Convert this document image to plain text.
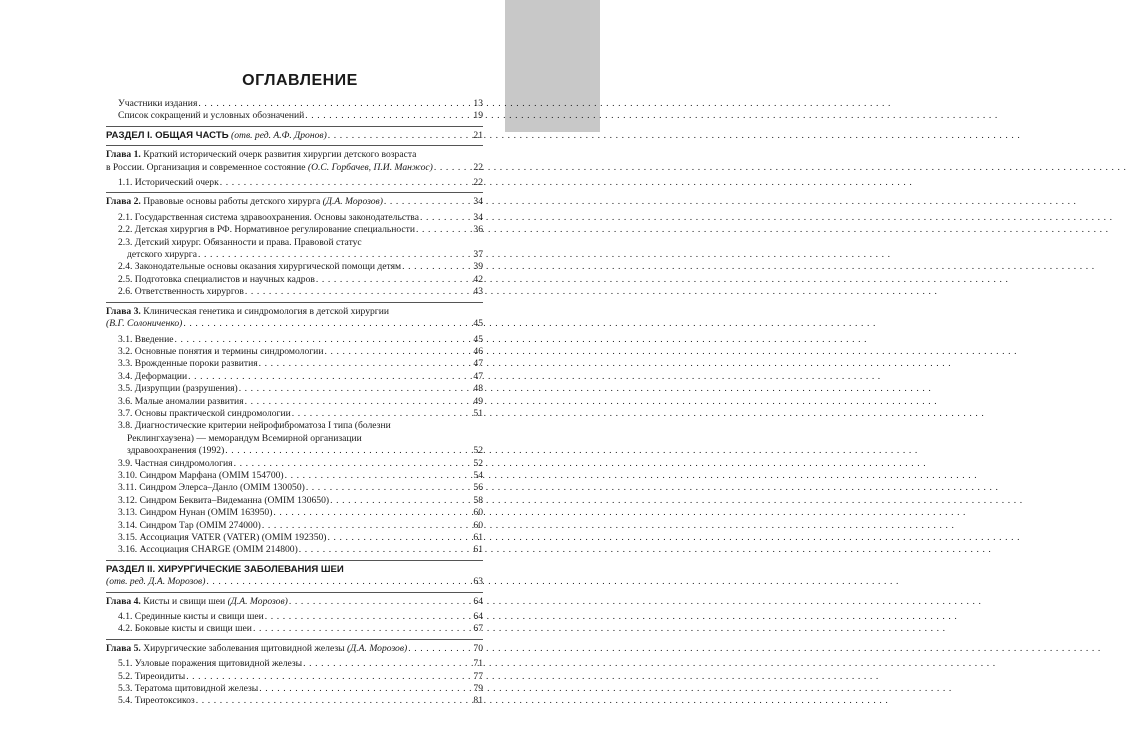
ОГЛАВЛЕНИЕ
Участники издания . . .	13
Список сокращений и условных обозначений . . .	19
РАЗДЕЛ I. ОБЩАЯ ЧАСТЬ (отв. ред. А.Ф. Дронов) . . .	21
Глава 1. Краткий исторический очерк развития хирургии детского возраста
в России. Организация и современное состояние (О.С. Горбачев, П.И. Манжос) . . .	22
1.1. Исторический очерк . . .	22
Глава 2. Правовые основы работы детского хирурга (Д.А. Морозов) . . .	34
2.1. Государственная система здравоохранения. Основы законодательства . . .	34
2.2. Детская хирургия в РФ. Нормативное регулирование специальности . . .	36
2.3. Детский хирург. Обязанности и права. Правовой статус
детского хирурга . . .	37
2.4. Законодательные основы оказания хирургической помощи детям . . .	39
2.5. Подготовка специалистов и научных кадров . . .	42
2.6. Ответственность хирургов . . .	43
Глава 3. Клиническая генетика и синдромология в детской хирургии
(В.Г. Солониченко) . . .	45
3.1. Введение . . .	45
3.2. Основные понятия и термины синдромологии . . .	46
3.3. Врожденные пороки развития . . .	47
3.4. Деформации . . .	47
3.5. Дизрупции (разрушения) . . .	48
3.6. Малые аномалии развития . . .	49
3.7. Основы практической синдромологии . . .	51
3.8. Диагностические критерии нейрофиброматоза I типа (болезни
Реклингхаузена) — меморандум Всемирной организации
здравоохранения (1992) . . .	52
3.9. Частная синдромология . . .	52
3.10. Синдром Марфана (OMIM 154700) . . .	54
3.11. Синдром Элерса–Данло (OMIM 130050) . . .	56
3.12. Синдром Беквита–Видеманна (OMIM 130650) . . .	58
3.13. Синдром Нунан (OMIM 163950) . . .	60
3.14. Синдром Тар (OMIM 274000) . . .	60
3.15. Ассоциация VATER (VATER) (OMIM 192350) . . .	61
3.16. Ассоциация CHARGE (OMIM 214800) . . .	61
РАЗДЕЛ II. ХИРУРГИЧЕСКИЕ ЗАБОЛЕВАНИЯ ШЕИ
(отв. ред. Д.А. Морозов) . . .	63
Глава 4. Кисты и свищи шеи (Д.А. Морозов) . . .	64
4.1. Срединные кисты и свищи шеи . . .	64
4.2. Боковые кисты и свищи шеи . . .	67
Глава 5. Хирургические заболевания щитовидной железы (Д.А. Морозов) . . .	70
5.1. Узловые поражения щитовидной железы . . .	71
5.2. Тиреоидиты . . .	77
5.3. Тератома щитовидной железы . . .	79
5.4. Тиреотоксикоз . . .	81
